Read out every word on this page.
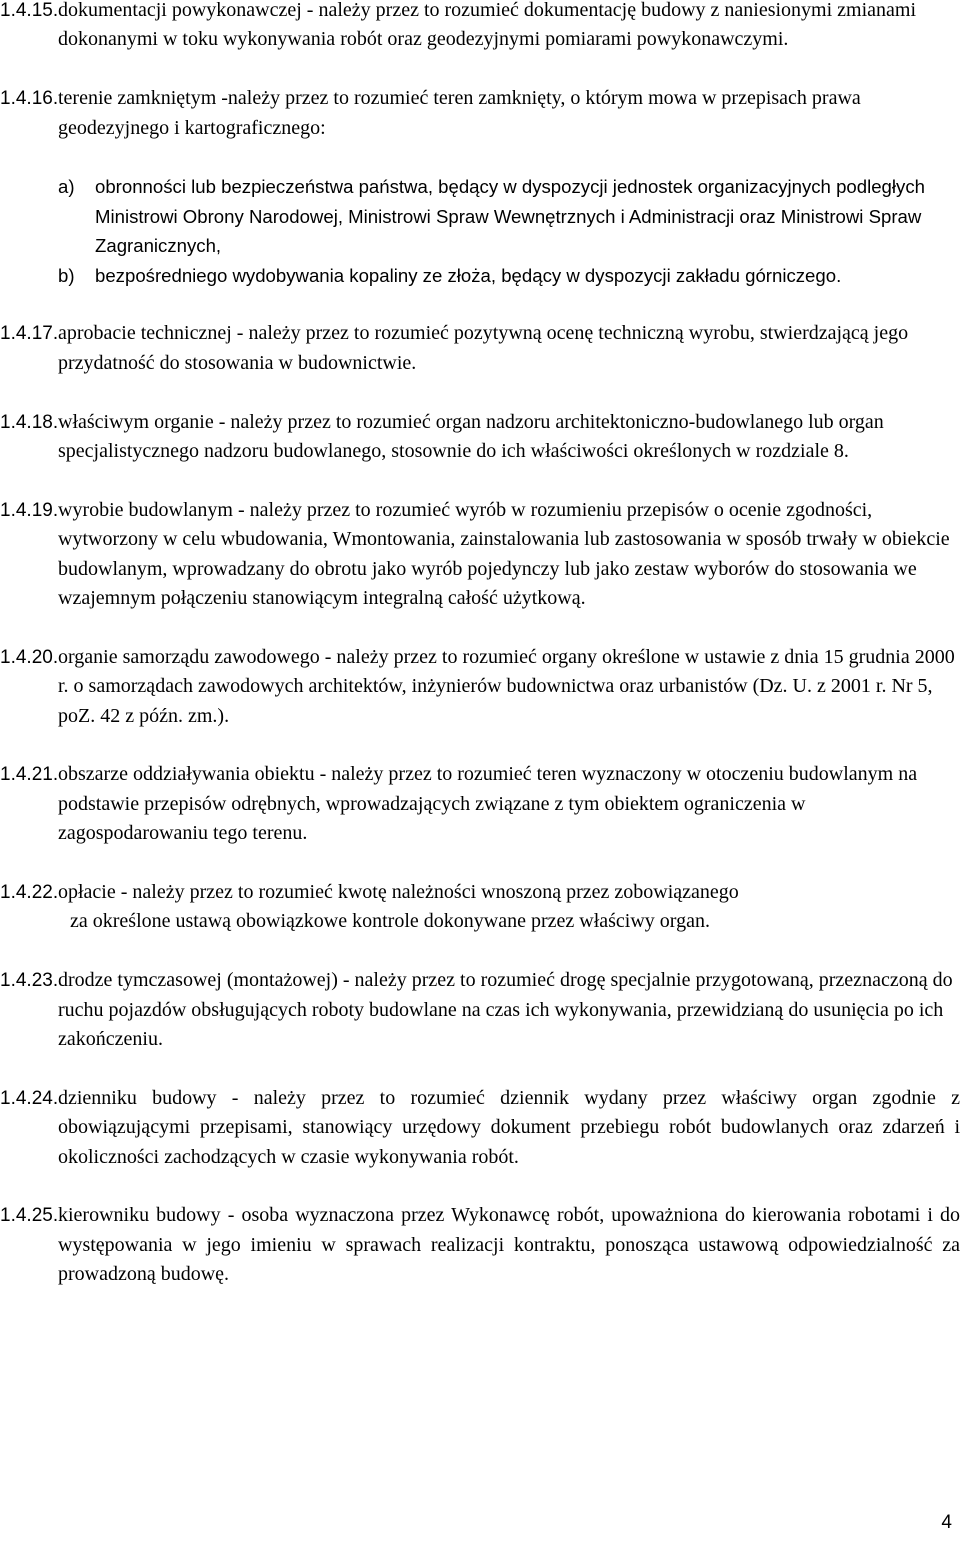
1.4.15. dokumentacji powykonawczej - należy przez to rozumieć dokumentację budowy z naniesionymi zmianami dokonanymi w toku wykonywania robót oraz geodezyjnymi pomiarami powykonawczymi.
1.4.16. terenie zamkniętym -należy przez to rozumieć teren zamknięty, o którym mowa w przepisach prawa geodezyjnego i kartograficznego:
a) obronności lub bezpieczeństwa państwa, będący w dyspozycji jednostek organizacyjnych podległych Ministrowi Obrony Narodowej, Ministrowi Spraw Wewnętrznych i Administracji oraz Ministrowi Spraw Zagranicznych,
b) bezpośredniego wydobywania kopaliny ze złoża, będący w dyspozycji zakładu górniczego.
1.4.17. aprobacie technicznej - należy przez to rozumieć pozytywną ocenę techniczną wyrobu, stwierdzającą jego przydatność do stosowania w budownictwie.
1.4.18. właściwym organie - należy przez to rozumieć organ nadzoru architektoniczno-budowlanego lub organ specjalistycznego nadzoru budowlanego, stosownie do ich właściwości określonych w rozdziale 8.
1.4.19. wyrobie budowlanym - należy przez to rozumieć wyrób w rozumieniu przepisów o ocenie zgodności, wytworzony w celu wbudowania, Wmontowania, zainstalowania lub zastosowania w sposób trwały w obiekcie budowlanym, wprowadzany do obrotu jako wyrób pojedynczy lub jako zestaw wyborów do stosowania we wzajemnym połączeniu stanowiącym integralną całość użytkową.
1.4.20. organie samorządu zawodowego - należy przez to rozumieć organy określone w ustawie z dnia 15 grudnia 2000 r. o samorządach zawodowych architektów, inżynierów budownictwa oraz urbanistów (Dz. U. z 2001 r. Nr 5, poZ. 42 z późn. zm.).
1.4.21. obszarze oddziaływania obiektu - należy przez to rozumieć teren wyznaczony w otoczeniu budowlanym na podstawie przepisów odrębnych, wprowadzających związane z tym obiektem ograniczenia w zagospodarowaniu tego terenu.
1.4.22. opłacie - należy przez to rozumieć kwotę należności wnoszoną przez zobowiązanego
za określone ustawą obowiązkowe kontrole dokonywane przez właściwy organ.
1.4.23. drodze tymczasowej (montażowej) - należy przez to rozumieć drogę specjalnie przygotowaną, przeznaczoną do ruchu pojazdów obsługujących roboty budowlane na czas ich wykonywania, przewidzianą do usunięcia po ich zakończeniu.
1.4.24. dzienniku budowy - należy przez to rozumieć dziennik wydany przez właściwy organ zgodnie z obowiązującymi przepisami, stanowiący urzędowy dokument przebiegu robót budowlanych oraz zdarzeń i okoliczności zachodzących w czasie wykonywania robót.
1.4.25. kierowniku budowy - osoba wyznaczona przez Wykonawcę robót, upoważniona do kierowania robotami i do występowania w jego imieniu w sprawach realizacji kontraktu, ponosząca ustawową odpowiedzialność za prowadzoną budowę.
4
